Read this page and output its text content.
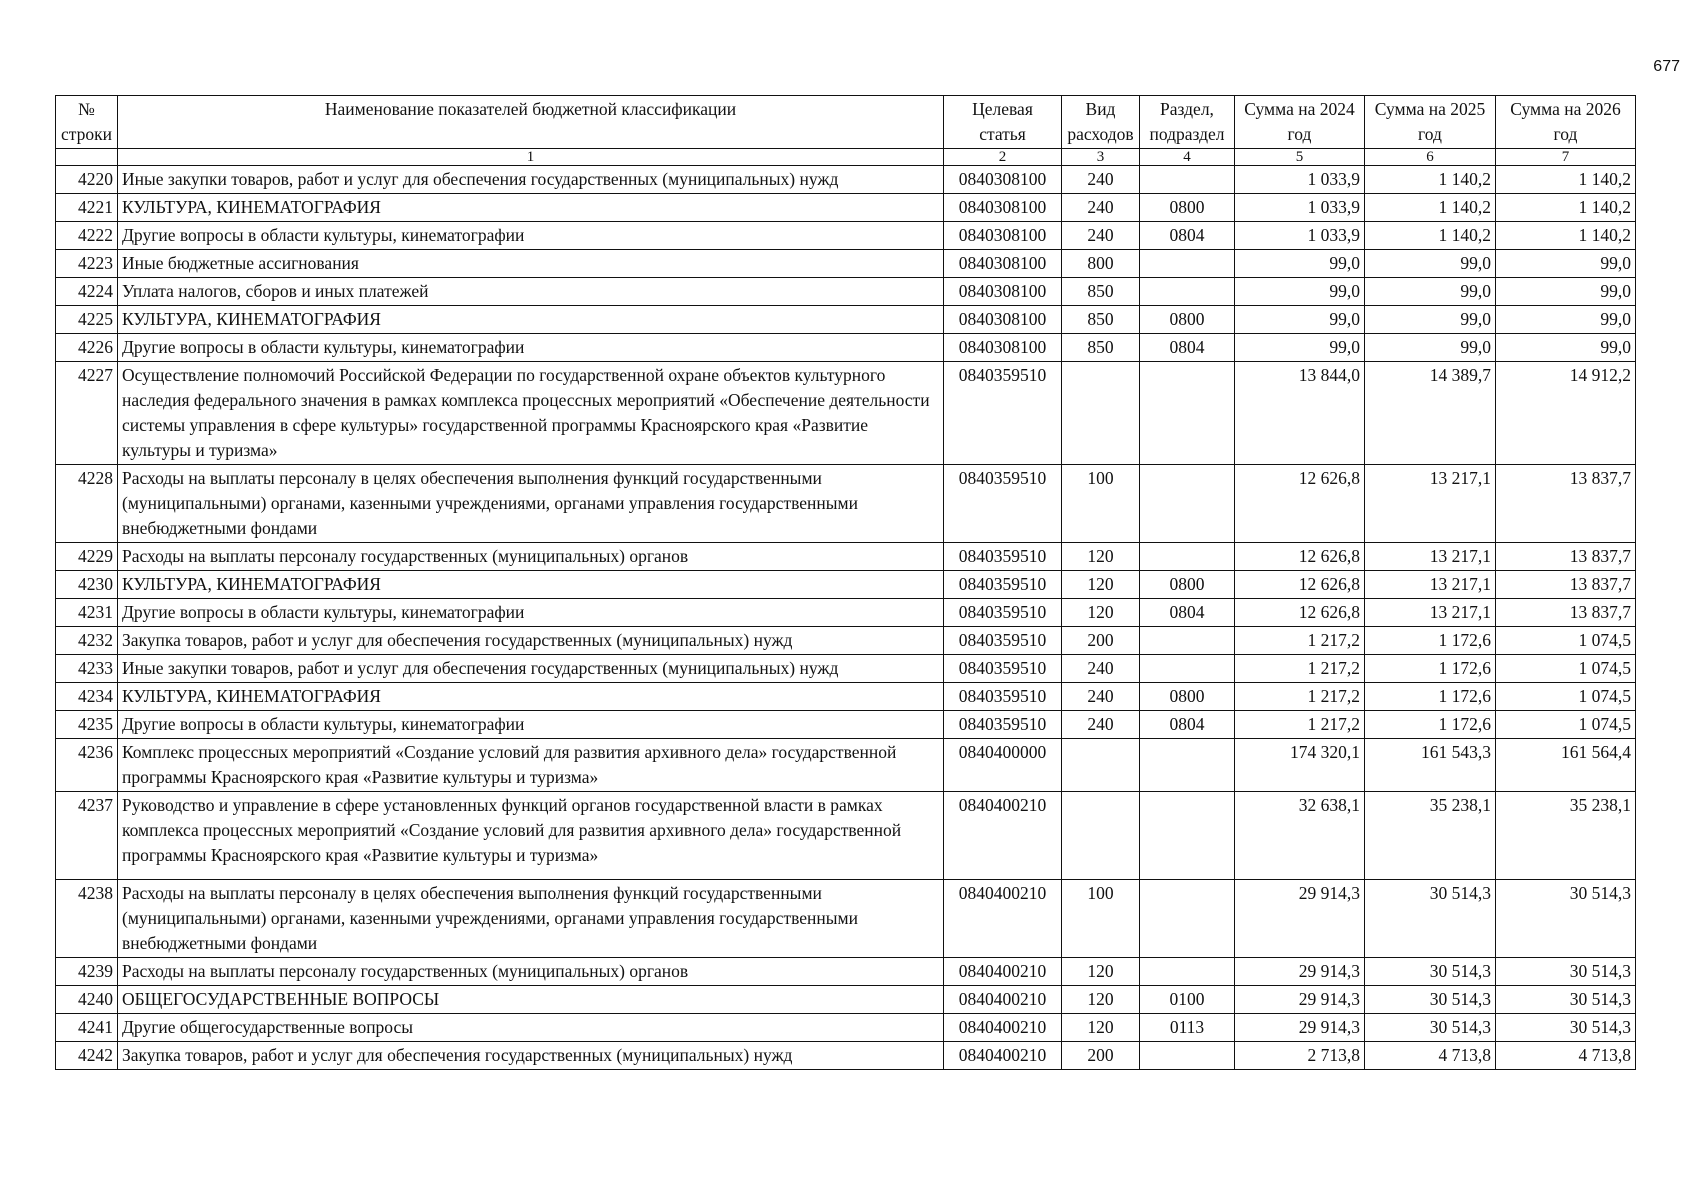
677
№ строки	Наименование показателей бюджетной классификации	Целевая статья	Вид расходов	Раздел, подраздел	Сумма на 2024 год	Сумма на 2025 год	Сумма на 2026 год
	1	2	3	4	5	6	7
4220	Иные закупки товаров, работ и услуг для обеспечения государственных (муниципальных) нужд	0840308100	240		1 033,9	1 140,2	1 140,2
4221	КУЛЬТУРА, КИНЕМАТОГРАФИЯ	0840308100	240	0800	1 033,9	1 140,2	1 140,2
4222	Другие вопросы в области культуры, кинематографии	0840308100	240	0804	1 033,9	1 140,2	1 140,2
4223	Иные бюджетные ассигнования	0840308100	800		99,0	99,0	99,0
4224	Уплата налогов, сборов и иных платежей	0840308100	850		99,0	99,0	99,0
4225	КУЛЬТУРА, КИНЕМАТОГРАФИЯ	0840308100	850	0800	99,0	99,0	99,0
4226	Другие вопросы в области культуры, кинематографии	0840308100	850	0804	99,0	99,0	99,0
4227	Осуществление полномочий Российской Федерации по государственной охране объектов культурного наследия федерального значения в рамках комплекса процессных мероприятий «Обеспечение деятельности системы управления в сфере культуры» государственной программы Красноярского края «Развитие культуры и туризма»	0840359510			13 844,0	14 389,7	14 912,2
4228	Расходы на выплаты персоналу в целях обеспечения выполнения функций государственными (муниципальными) органами, казенными учреждениями, органами управления государственными внебюджетными фондами	0840359510	100		12 626,8	13 217,1	13 837,7
4229	Расходы на выплаты персоналу государственных (муниципальных) органов	0840359510	120		12 626,8	13 217,1	13 837,7
4230	КУЛЬТУРА, КИНЕМАТОГРАФИЯ	0840359510	120	0800	12 626,8	13 217,1	13 837,7
4231	Другие вопросы в области культуры, кинематографии	0840359510	120	0804	12 626,8	13 217,1	13 837,7
4232	Закупка товаров, работ и услуг для обеспечения государственных (муниципальных) нужд	0840359510	200		1 217,2	1 172,6	1 074,5
4233	Иные закупки товаров, работ и услуг для обеспечения государственных (муниципальных) нужд	0840359510	240		1 217,2	1 172,6	1 074,5
4234	КУЛЬТУРА, КИНЕМАТОГРАФИЯ	0840359510	240	0800	1 217,2	1 172,6	1 074,5
4235	Другие вопросы в области культуры, кинематографии	0840359510	240	0804	1 217,2	1 172,6	1 074,5
4236	Комплекс процессных мероприятий «Создание условий для развития архивного дела» государственной программы Красноярского края «Развитие культуры и туризма»	0840400000			174 320,1	161 543,3	161 564,4
4237	Руководство и управление в сфере установленных функций органов государственной власти в рамках комплекса процессных мероприятий «Создание условий для развития архивного дела» государственной программы Красноярского края «Развитие культуры и туризма»	0840400210			32 638,1	35 238,1	35 238,1
4238	Расходы на выплаты персоналу в целях обеспечения выполнения функций государственными (муниципальными) органами, казенными учреждениями, органами управления государственными внебюджетными фондами	0840400210	100		29 914,3	30 514,3	30 514,3
4239	Расходы на выплаты персоналу государственных (муниципальных) органов	0840400210	120		29 914,3	30 514,3	30 514,3
4240	ОБЩЕГОСУДАРСТВЕННЫЕ ВОПРОСЫ	0840400210	120	0100	29 914,3	30 514,3	30 514,3
4241	Другие общегосударственные вопросы	0840400210	120	0113	29 914,3	30 514,3	30 514,3
4242	Закупка товаров, работ и услуг для обеспечения государственных (муниципальных) нужд	0840400210	200		2 713,8	4 713,8	4 713,8
